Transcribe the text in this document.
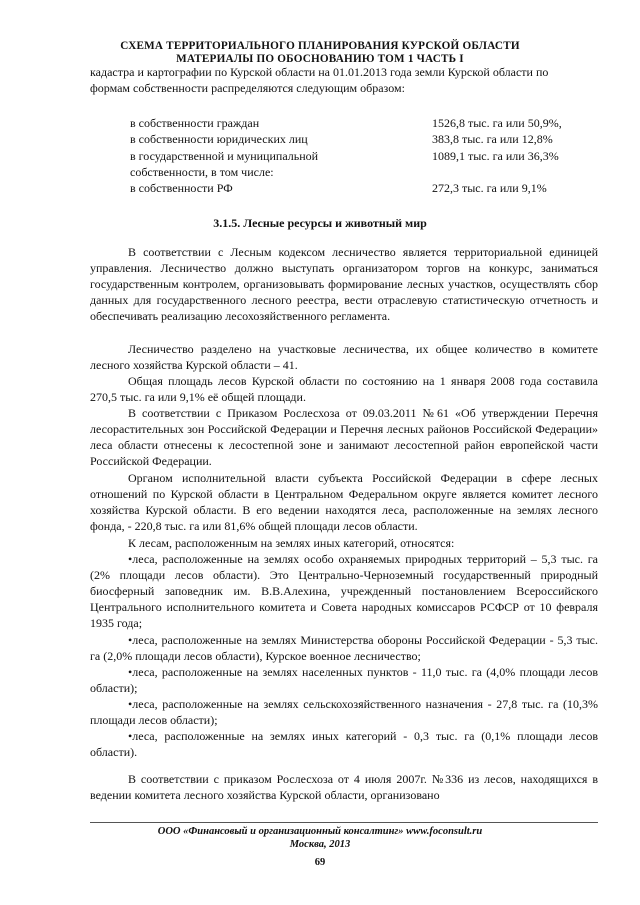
СХЕМА ТЕРРИТОРИАЛЬНОГО ПЛАНИРОВАНИЯ КУРСКОЙ ОБЛАСТИ
МАТЕРИАЛЫ ПО ОБОСНОВАНИЮ ТОМ 1 ЧАСТЬ I
кадастра и картографии по Курской области на 01.01.2013 года земли Курской области по
формам собственности распределяются следующим образом:
в собственности граждан	1526,8 тыс. га или 50,9%,
в собственности юридических лиц	383,8 тыс. га или 12,8%
в государственной и муниципальной	1089,1 тыс. га или 36,3%
собственности, в том числе:
в собственности РФ	272,3 тыс. га или 9,1%
3.1.5. Лесные ресурсы и животный мир

В соответствии с Лесным кодексом лесничество является территориальной единицей управления. Лесничество должно выступать организатором торгов на конкурс, заниматься государственным контролем, организовывать формирование лесных участков, осуществлять сбор данных для государственного лесного реестра, вести отраслевую статистическую отчетность и обеспечивать реализацию лесохозяйственного регламента.

Лесничество разделено на участковые лесничества, их общее количество в комитете лесного хозяйства Курской области – 41.

Общая площадь лесов Курской области по состоянию на 1 января 2008 года составила 270,5 тыс. га или 9,1% её общей площади.

В соответствии с Приказом Рослесхоза от 09.03.2011 №61 «Об утверждении Перечня лесорастительных зон Российской Федерации и Перечня лесных районов Российской Федерации» леса области отнесены к лесостепной зоне и занимают лесостепной район европейской части Российской Федерации.

Органом исполнительной власти субъекта Российской Федерации в сфере лесных отношений по Курской области в Центральном Федеральном округе является комитет лесного хозяйства Курской области. В его ведении находятся леса, расположенные на землях лесного фонда, - 220,8 тыс. га или 81,6% общей площади лесов области.

К лесам, расположенным на землях иных категорий, относятся:

•леса, расположенные на землях особо охраняемых природных территорий – 5,3 тыс. га (2% площади лесов области). Это Центрально-Черноземный государственный природный биосферный заповедник им. В.В.Алехина, учрежденный постановлением Всероссийского Центрального исполнительного комитета и Совета народных комиссаров РСФСР от 10 февраля 1935 года;

•леса, расположенные на землях Министерства обороны Российской Федерации - 5,3 тыс. га (2,0% площади лесов области), Курское военное лесничество;

•леса, расположенные на землях населенных пунктов - 11,0 тыс. га (4,0% площади лесов области);

•леса, расположенные на землях сельскохозяйственного назначения - 27,8 тыс. га (10,3% площади лесов области);

•леса, расположенные на землях иных категорий - 0,3 тыс. га (0,1% площади лесов области).

В соответствии с приказом Рослесхоза от 4 июля 2007г. №336 из лесов, находящихся в ведении комитета лесного хозяйства Курской области, организовано

ООО «Финансовый и организационный консалтинг» www.foconsult.ru
Москва, 2013
69
